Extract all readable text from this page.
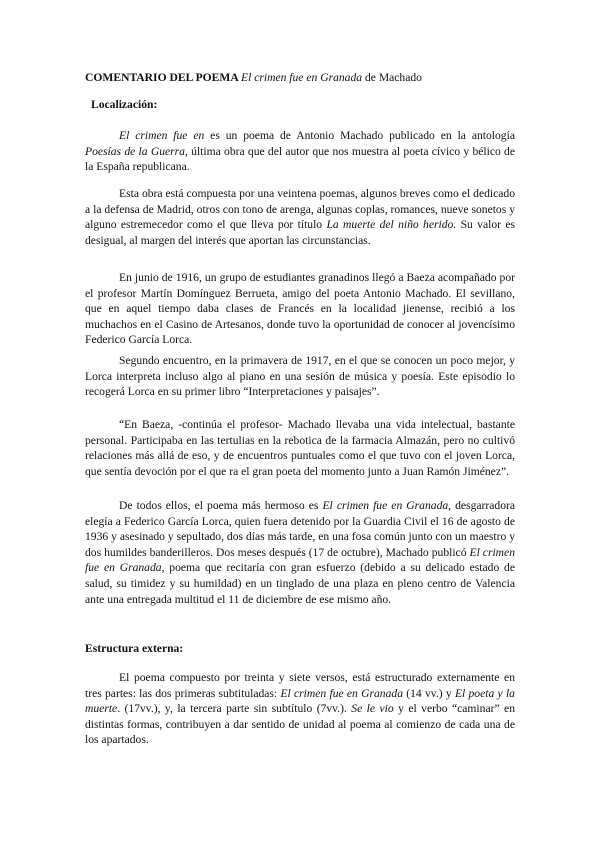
COMENTARIO DEL POEMA El crimen fue en Granada de Machado
Localización:

El crimen fue en es un poema de Antonio Machado publicado en la antología Poesías de la Guerra, última obra que del autor que nos muestra al poeta cívico y bélico de la España republicana.

Esta obra está compuesta por una veintena poemas, algunos breves como el dedicado a la defensa de Madrid, otros con tono de arenga, algunas coplas, romances, nueve sonetos y alguno estremecedor como el que lleva por título La muerte del niño herido. Su valor es desigual, al margen del interés que aportan las circunstancias.

En junio de 1916, un grupo de estudiantes granadinos llegó a Baeza acompañado por el profesor Martín Domínguez Berrueta, amigo del poeta Antonio Machado. El sevillano, que en aquel tiempo daba clases de Francés en la localidad jienense, recibió a los muchachos en el Casino de Artesanos, donde tuvo la oportunidad de conocer al jovencísimo Federico García Lorca.

Segundo encuentro, en la primavera de 1917, en el que se conocen un poco mejor, y Lorca interpreta incluso algo al piano en una sesión de música y poesía. Este episodio lo recogerá Lorca en su primer libro “Interpretaciones y paisajes”.

“En Baeza, -continúa el profesor- Machado llevaba una vida intelectual, bastante personal. Participaba en las tertulias en la rebotica de la farmacia Almazán, pero no cultivó relaciones más allá de eso, y de encuentros puntuales como el que tuvo con el joven Lorca, que sentía devoción por el que ra el gran poeta del momento junto a Juan Ramón Jiménez”.

De todos ellos, el poema más hermoso es El crimen fue en Granada, desgarradora elegía a Federico García Lorca, quien fuera detenido por la Guardia Civil el 16 de agosto de 1936 y asesinado y sepultado, dos días más tarde, en una fosa común junto con un maestro y dos humildes banderilleros. Dos meses después (17 de octubre), Machado publicó El crimen fue en Granada, poema que recitaría con gran esfuerzo (debido a su delicado estado de salud, su timidez y su humildad) en un tinglado de una plaza en pleno centro de Valencia ante una entregada multitud el 11 de diciembre de ese mismo año.

Estructura externa:

El poema compuesto por treinta y siete versos, está estructurado externamente en tres partes: las dos primeras subtituladas: El crimen fue en Granada (14 vv.) y El poeta y la muerte. (17vv.), y, la tercera parte sin subtítulo (7vv.). Se le vio y el verbo “caminar” en distintas formas, contribuyen a dar sentido de unidad al poema al comienzo de cada una de los apartados.
